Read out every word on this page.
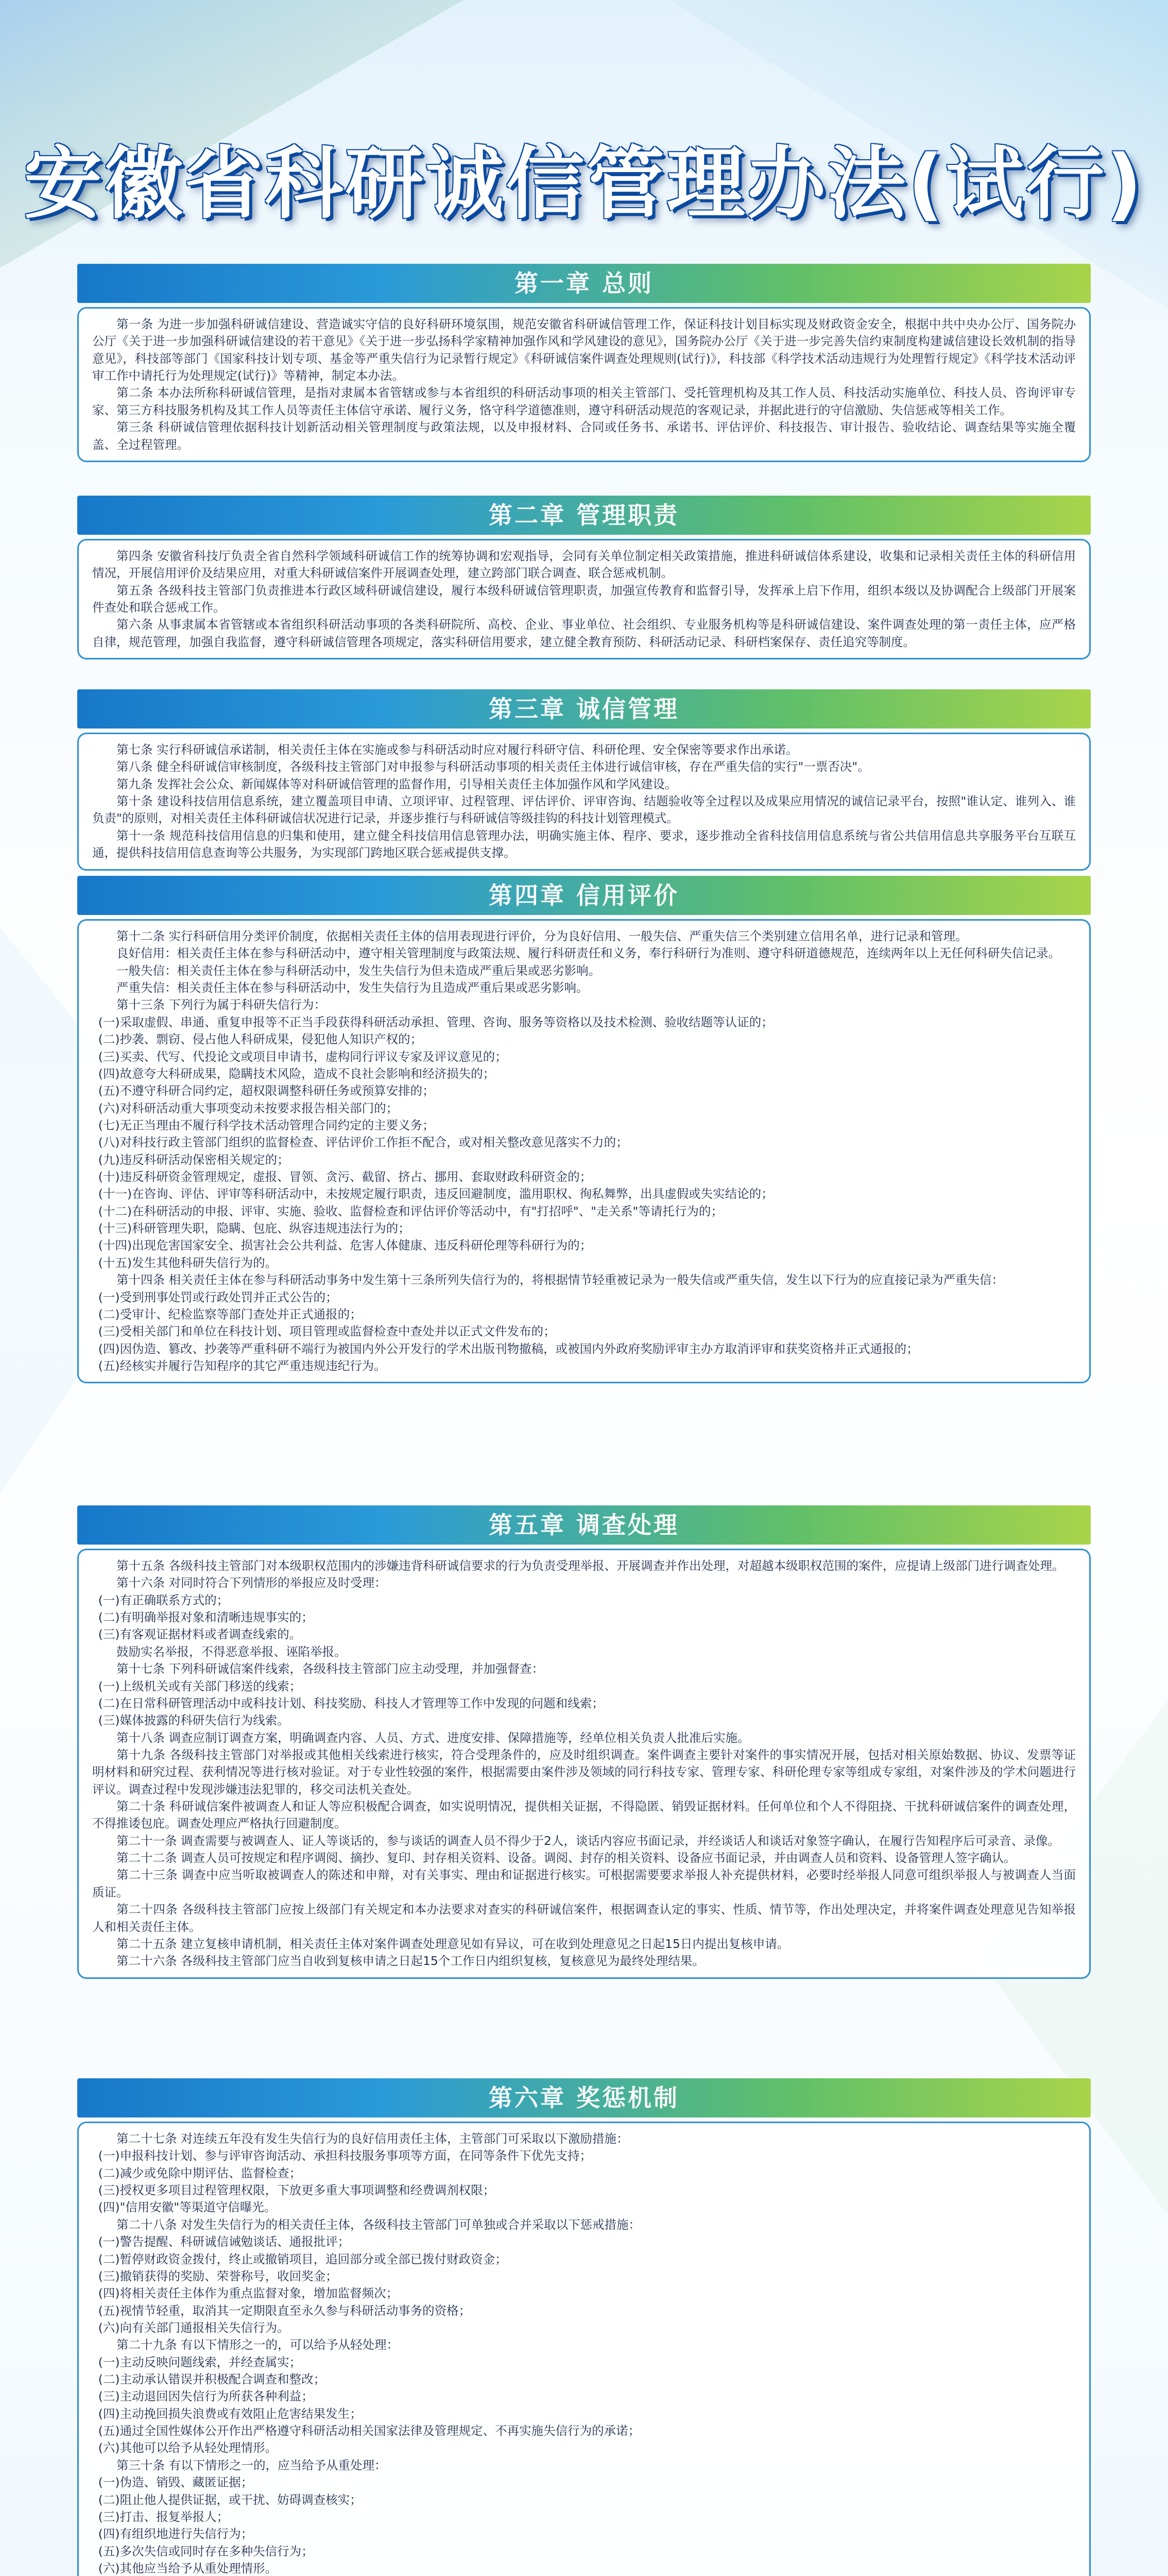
安徽省科研诚信管理办法(试行)
第一章 总则

第一条 为进一步加强科研诚信建设、营造诚实守信的良好科研环境氛围，规范安徽省科研诚信管理工作，保证科技计划目标实现及财政资金安全，根据中共中央办公厅、国务院办公厅《关于进一步加强科研诚信建设的若干意见》《关于进一步弘扬科学家精神加强作风和学风建设的意见》，国务院办公厅《关于进一步完善失信约束制度构建诚信建设长效机制的指导意见》，科技部等部门《国家科技计划专项、基金等严重失信行为记录暂行规定》《科研诚信案件调查处理规则(试行)》，科技部《科学技术活动违规行为处理暂行规定》《科学技术活动评审工作中请托行为处理规定(试行)》等精神，制定本办法。

第二条 本办法所称科研诚信管理，是指对隶属本省管辖或参与本省组织的科研活动事项的相关主管部门、受托管理机构及其工作人员、科技活动实施单位、科技人员、咨询评审专家、第三方科技服务机构及其工作人员等责任主体信守承诺、履行义务，恪守科学道德准则，遵守科研活动规范的客观记录，并据此进行的守信激励、失信惩戒等相关工作。

第三条 科研诚信管理依据科技计划新活动相关管理制度与政策法规，以及申报材料、合同或任务书、承诺书、评估评价、科技报告、审计报告、验收结论、调查结果等实施全覆盖、全过程管理。

第二章 管理职责

第四条 安徽省科技厅负责全省自然科学领域科研诚信工作的统筹协调和宏观指导，会同有关单位制定相关政策措施，推进科研诚信体系建设，收集和记录相关责任主体的科研信用情况，开展信用评价及结果应用，对重大科研诚信案件开展调查处理，建立跨部门联合调查、联合惩戒机制。

第五条 各级科技主管部门负责推进本行政区域科研诚信建设，履行本级科研诚信管理职责，加强宣传教育和监督引导，发挥承上启下作用，组织本级以及协调配合上级部门开展案件查处和联合惩戒工作。

第六条 从事隶属本省管辖或本省组织科研活动事项的各类科研院所、高校、企业、事业单位、社会组织、专业服务机构等是科研诚信建设、案件调查处理的第一责任主体，应严格自律，规范管理，加强自我监督，遵守科研诚信管理各项规定，落实科研信用要求，建立健全教育预防、科研活动记录、科研档案保存、责任追究等制度。

第三章 诚信管理

第七条 实行科研诚信承诺制，相关责任主体在实施或参与科研活动时应对履行科研守信、科研伦理、安全保密等要求作出承诺。

第八条 健全科研诚信审核制度，各级科技主管部门对申报参与科研活动事项的相关责任主体进行诚信审核，存在严重失信的实行"一票否决"。

第九条 发挥社会公众、新闻媒体等对科研诚信管理的监督作用，引导相关责任主体加强作风和学风建设。

第十条 建设科技信用信息系统，建立覆盖项目申请、立项评审、过程管理、评估评价、评审咨询、结题验收等全过程以及成果应用情况的诚信记录平台，按照"谁认定、谁列入、谁负责"的原则，对相关责任主体科研诚信状况进行记录，并逐步推行与科研诚信等级挂钩的科技计划管理模式。

第十一条 规范科技信用信息的归集和使用，建立健全科技信用信息管理办法，明确实施主体、程序、要求，逐步推动全省科技信用信息系统与省公共信用信息共享服务平台互联互通，提供科技信用信息查询等公共服务，为实现部门跨地区联合惩戒提供支撑。

第四章 信用评价

第十二条 实行科研信用分类评价制度，依据相关责任主体的信用表现进行评价，分为良好信用、一般失信、严重失信三个类别建立信用名单，进行记录和管理。

良好信用：相关责任主体在参与科研活动中，遵守相关管理制度与政策法规、履行科研责任和义务，奉行科研行为准则、遵守科研道德规范，连续两年以上无任何科研失信记录。

一般失信：相关责任主体在参与科研活动中，发生失信行为但未造成严重后果或恶劣影响。

严重失信：相关责任主体在参与科研活动中，发生失信行为且造成严重后果或恶劣影响。

第十三条 下列行为属于科研失信行为：

(一)采取虚假、串通、重复申报等不正当手段获得科研活动承担、管理、咨询、服务等资格以及技术检测、验收结题等认证的；

(二)抄袭、剽窃、侵占他人科研成果，侵犯他人知识产权的；

(三)买卖、代写、代投论文或项目申请书，虚构同行评议专家及评议意见的；

(四)故意夸大科研成果，隐瞒技术风险，造成不良社会影响和经济损失的；

(五)不遵守科研合同约定，超权限调整科研任务或预算安排的；

(六)对科研活动重大事项变动未按要求报告相关部门的；

(七)无正当理由不履行科学技术活动管理合同约定的主要义务；

(八)对科技行政主管部门组织的监督检查、评估评价工作拒不配合，或对相关整改意见落实不力的；

(九)违反科研活动保密相关规定的；

(十)违反科研资金管理规定，虚报、冒领、贪污、截留、挤占、挪用、套取财政科研资金的；

(十一)在咨询、评估、评审等科研活动中，未按规定履行职责，违反回避制度，滥用职权、徇私舞弊，出具虚假或失实结论的；

(十二)在科研活动的申报、评审、实施、验收、监督检查和评估评价等活动中，有"打招呼"、"走关系"等请托行为的；

(十三)科研管理失职，隐瞒、包庇、纵容违规违法行为的；

(十四)出现危害国家安全、损害社会公共利益、危害人体健康、违反科研伦理等科研行为的；

(十五)发生其他科研失信行为的。

第十四条 相关责任主体在参与科研活动事务中发生第十三条所列失信行为的，将根据情节轻重被记录为一般失信或严重失信，发生以下行为的应直接记录为严重失信：

(一)受到刑事处罚或行政处罚并正式公告的；

(二)受审计、纪检监察等部门查处并正式通报的；

(三)受相关部门和单位在科技计划、项目管理或监督检查中查处并以正式文件发布的；

(四)因伪造、篡改、抄袭等严重科研不端行为被国内外公开发行的学术出版刊物撤稿，或被国内外政府奖励评审主办方取消评审和获奖资格并正式通报的；

(五)经核实并履行告知程序的其它严重违规违纪行为。

第五章 调查处理

第十五条 各级科技主管部门对本级职权范围内的涉嫌违背科研诚信要求的行为负责受理举报、开展调查并作出处理，对超越本级职权范围的案件，应提请上级部门进行调查处理。

第十六条 对同时符合下列情形的举报应及时受理：

(一)有正确联系方式的；

(二)有明确举报对象和清晰违规事实的；

(三)有客观证据材料或者调查线索的。

鼓励实名举报，不得恶意举报、诬陷举报。

第十七条 下列科研诚信案件线索，各级科技主管部门应主动受理，并加强督查：

(一)上级机关或有关部门移送的线索；

(二)在日常科研管理活动中或科技计划、科技奖励、科技人才管理等工作中发现的问题和线索；

(三)媒体披露的科研失信行为线索。

第十八条 调查应制订调查方案，明确调查内容、人员、方式、进度安排、保障措施等，经单位相关负责人批准后实施。

第十九条 各级科技主管部门对举报或其他相关线索进行核实，符合受理条件的，应及时组织调查。案件调查主要针对案件的事实情况开展，包括对相关原始数据、协议、发票等证明材料和研究过程、获利情况等进行核对验证。对于专业性较强的案件，根据需要由案件涉及领域的同行科技专家、管理专家、科研伦理专家等组成专家组，对案件涉及的学术问题进行评议。调查过程中发现涉嫌违法犯罪的，移交司法机关查处。

第二十条 科研诚信案件被调查人和证人等应积极配合调查，如实说明情况，提供相关证据，不得隐匿、销毁证据材料。任何单位和个人不得阻挠、干扰科研诚信案件的调查处理，不得推诿包庇。调查处理应严格执行回避制度。

第二十一条 调查需要与被调查人、证人等谈话的，参与谈话的调查人员不得少于2人，谈话内容应书面记录，并经谈话人和谈话对象签字确认，在履行告知程序后可录音、录像。

第二十二条 调查人员可按规定和程序调阅、摘抄、复印、封存相关资料、设备。调阅、封存的相关资料、设备应书面记录，并由调查人员和资料、设备管理人签字确认。

第二十三条 调查中应当听取被调查人的陈述和申辩，对有关事实、理由和证据进行核实。可根据需要要求举报人补充提供材料，必要时经举报人同意可组织举报人与被调查人当面质证。

第二十四条 各级科技主管部门应按上级部门有关规定和本办法要求对查实的科研诚信案件，根据调查认定的事实、性质、情节等，作出处理决定，并将案件调查处理意见告知举报人和相关责任主体。

第二十五条 建立复核申请机制，相关责任主体对案件调查处理意见如有异议，可在收到处理意见之日起15日内提出复核申请。

第二十六条 各级科技主管部门应当自收到复核申请之日起15个工作日内组织复核，复核意见为最终处理结果。

第六章 奖惩机制

第二十七条 对连续五年没有发生失信行为的良好信用责任主体，主管部门可采取以下激励措施：

(一)申报科技计划、参与评审咨询活动、承担科技服务事项等方面，在同等条件下优先支持；

(二)减少或免除中期评估、监督检查；

(三)授权更多项目过程管理权限，下放更多重大事项调整和经费调剂权限；

(四)"信用安徽"等渠道守信曝光。

第二十八条 对发生失信行为的相关责任主体，各级科技主管部门可单独或合并采取以下惩戒措施：

(一)警告提醒、科研诚信诫勉谈话、通报批评；

(二)暂停财政资金拨付，终止或撤销项目，追回部分或全部已拨付财政资金；

(三)撤销获得的奖励、荣誉称号，收回奖金；

(四)将相关责任主体作为重点监督对象，增加监督频次；

(五)视情节轻重，取消其一定期限直至永久参与科研活动事务的资格；

(六)向有关部门通报相关失信行为。

第二十九条 有以下情形之一的，可以给予从轻处理：

(一)主动反映问题线索，并经查属实；

(二)主动承认错误并积极配合调查和整改；

(三)主动退回因失信行为所获各种利益；

(四)主动挽回损失浪费或有效阻止危害结果发生；

(五)通过全国性媒体公开作出严格遵守科研活动相关国家法律及管理规定、不再实施失信行为的承诺；

(六)其他可以给予从轻处理情形。

第三十条 有以下情形之一的，应当给予从重处理：

(一)伪造、销毁、藏匿证据；

(二)阻止他人提供证据，或干扰、妨碍调查核实；

(三)打击、报复举报人；

(四)有组织地进行失信行为；

(五)多次失信或同时存在多种失信行为；

(六)其他应当给予从重处理情形。
